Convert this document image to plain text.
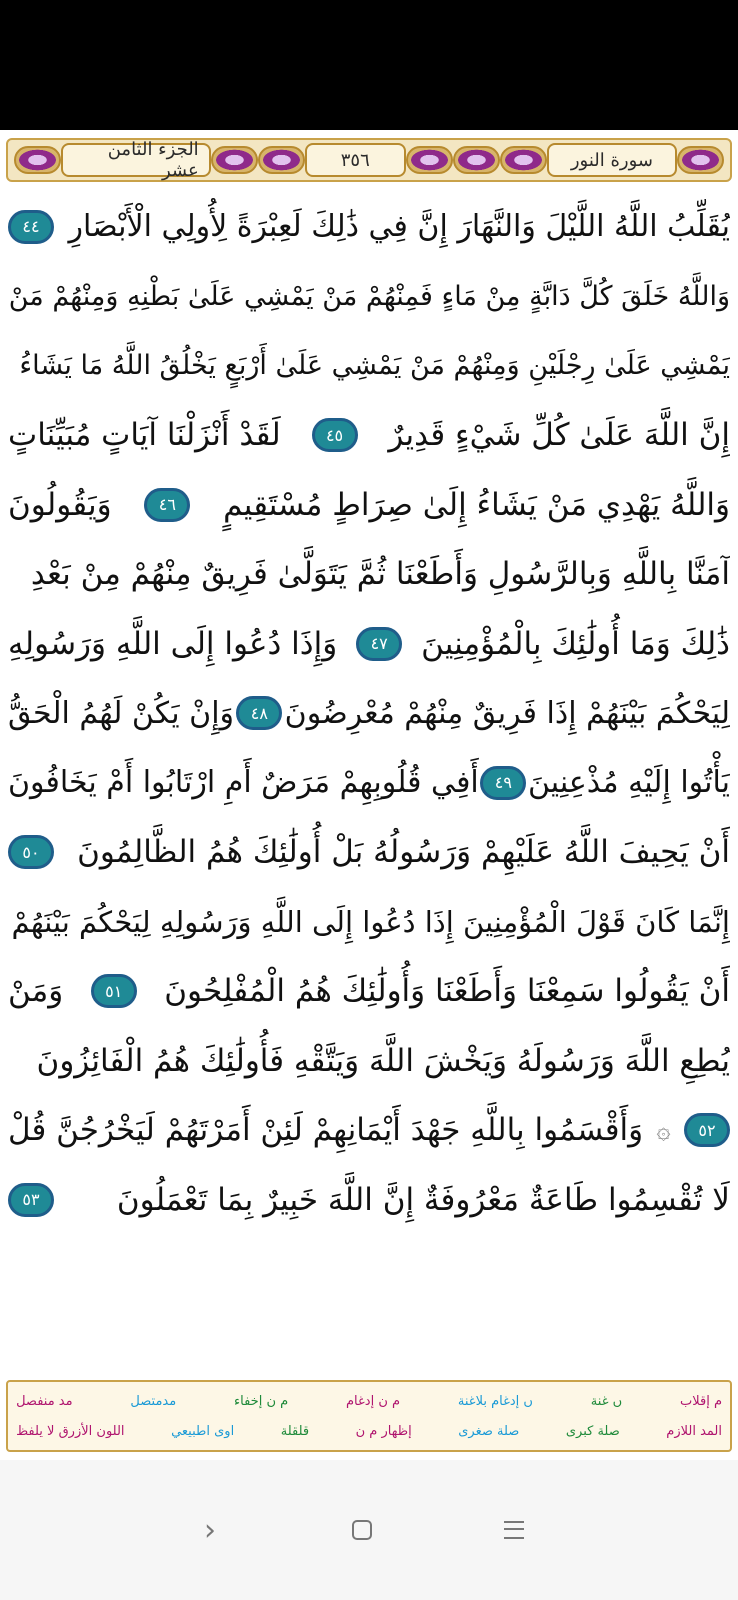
الجزء الثامن عشر	٣٥٦	سورة النور
يُقَلِّبُ اللَّهُ اللَّيْلَ وَالنَّهَارَ إِنَّ فِي ذَٰلِكَ لَعِبْرَةً لِأُولِي الْأَبْصَارِ
٤٤
وَاللَّهُ خَلَقَ كُلَّ دَابَّةٍ مِنْ مَاءٍ فَمِنْهُمْ مَنْ يَمْشِي عَلَىٰ بَطْنِهِ وَمِنْهُمْ مَنْ
يَمْشِي عَلَىٰ رِجْلَيْنِ وَمِنْهُمْ مَنْ يَمْشِي عَلَىٰ أَرْبَعٍ يَخْلُقُ اللَّهُ مَا يَشَاءُ
إِنَّ اللَّهَ عَلَىٰ كُلِّ شَيْءٍ قَدِيرٌ
٤٥
لَقَدْ أَنْزَلْنَا آيَاتٍ مُبَيِّنَاتٍ
وَاللَّهُ يَهْدِي مَنْ يَشَاءُ إِلَىٰ صِرَاطٍ مُسْتَقِيمٍ
٤٦
وَيَقُولُونَ
آمَنَّا بِاللَّهِ وَبِالرَّسُولِ وَأَطَعْنَا ثُمَّ يَتَوَلَّىٰ فَرِيقٌ مِنْهُمْ مِنْ بَعْدِ
ذَٰلِكَ وَمَا أُولَٰئِكَ بِالْمُؤْمِنِينَ
٤٧
وَإِذَا دُعُوا إِلَى اللَّهِ وَرَسُولِهِ
لِيَحْكُمَ بَيْنَهُمْ إِذَا فَرِيقٌ مِنْهُمْ مُعْرِضُونَ
٤٨
وَإِنْ يَكُنْ لَهُمُ الْحَقُّ
يَأْتُوا إِلَيْهِ مُذْعِنِينَ
٤٩
أَفِي قُلُوبِهِمْ مَرَضٌ أَمِ ارْتَابُوا أَمْ يَخَافُونَ
أَنْ يَحِيفَ اللَّهُ عَلَيْهِمْ وَرَسُولُهُ بَلْ أُولَٰئِكَ هُمُ الظَّالِمُونَ
٥٠
إِنَّمَا كَانَ قَوْلَ الْمُؤْمِنِينَ إِذَا دُعُوا إِلَى اللَّهِ وَرَسُولِهِ لِيَحْكُمَ بَيْنَهُمْ
أَنْ يَقُولُوا سَمِعْنَا وَأَطَعْنَا وَأُولَٰئِكَ هُمُ الْمُفْلِحُونَ
٥١
وَمَنْ
يُطِعِ اللَّهَ وَرَسُولَهُ وَيَخْشَ اللَّهَ وَيَتَّقْهِ فَأُولَٰئِكَ هُمُ الْفَائِزُونَ
٥٢
۞
وَأَقْسَمُوا بِاللَّهِ جَهْدَ أَيْمَانِهِمْ لَئِنْ أَمَرْتَهُمْ لَيَخْرُجُنَّ قُلْ
لَا تُقْسِمُوا طَاعَةٌ مَعْرُوفَةٌ إِنَّ اللَّهَ خَبِيرٌ بِمَا تَعْمَلُونَ
٥٣
م إقلاب
ں غنة
ں إدغام بلاغنة
م ن إدغام
م ن إخفاء
مدمتصل
مد منفصل
المد اللازم
صلة كبرى
صلة صغرى
إظهار م ن
قلقلة
اوى اطبيعي
اللون الأزرق لا يلفظ
‹
